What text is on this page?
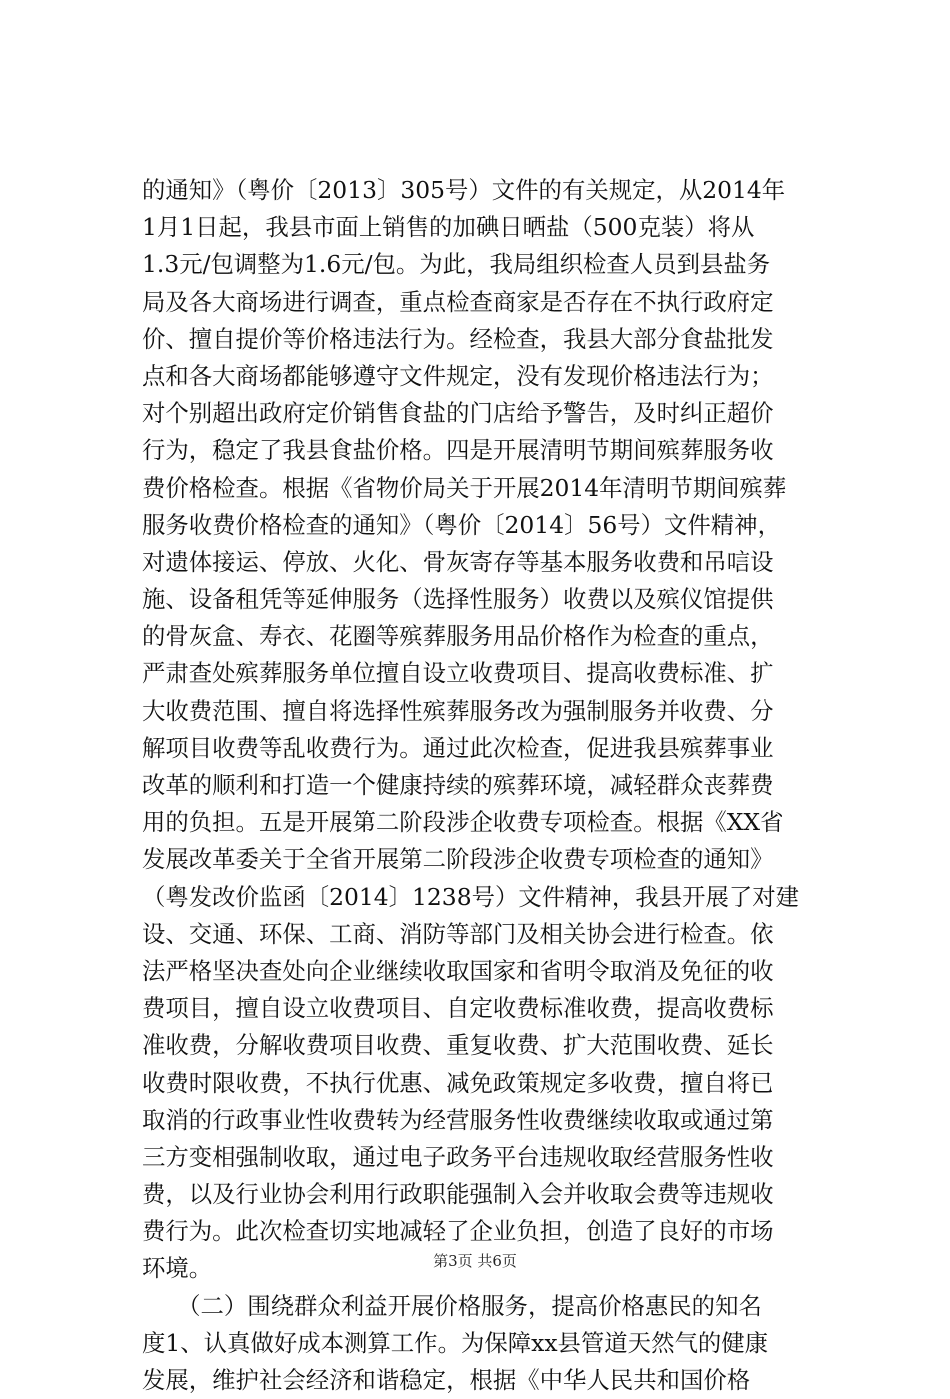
的通知》（粤价〔2013〕305号）文件的有关规定，从2014年
1月1日起，我县市面上销售的加碘日晒盐（500克装）将从
1.3元/包调整为1.6元/包。为此，我局组织检查人员到县盐务
局及各大商场进行调查，重点检查商家是否存在不执行政府定
价、擅自提价等价格违法行为。经检查，我县大部分食盐批发
点和各大商场都能够遵守文件规定，没有发现价格违法行为；
对个别超出政府定价销售食盐的门店给予警告，及时纠正超价
行为，稳定了我县食盐价格。四是开展清明节期间殡葬服务收
费价格检查。根据《省物价局关于开展2014年清明节期间殡葬
服务收费价格检查的通知》（粤价〔2014〕56号）文件精神，
对遗体接运、停放、火化、骨灰寄存等基本服务收费和吊唁设
施、设备租凭等延伸服务（选择性服务）收费以及殡仪馆提供
的骨灰盒、寿衣、花圈等殡葬服务用品价格作为检查的重点，
严肃查处殡葬服务单位擅自设立收费项目、提高收费标准、扩
大收费范围、擅自将选择性殡葬服务改为强制服务并收费、分
解项目收费等乱收费行为。通过此次检查，促进我县殡葬事业
改革的顺利和打造一个健康持续的殡葬环境，减轻群众丧葬费
用的负担。五是开展第二阶段涉企收费专项检查。根据《XX省
发展改革委关于全省开展第二阶段涉企收费专项检查的通知》
（粤发改价监函〔2014〕1238号）文件精神，我县开展了对建
设、交通、环保、工商、消防等部门及相关协会进行检查。依
法严格坚决查处向企业继续收取国家和省明令取消及免征的收
费项目，擅自设立收费项目、自定收费标准收费，提高收费标
准收费，分解收费项目收费、重复收费、扩大范围收费、延长
收费时限收费，不执行优惠、减免政策规定多收费，擅自将已
取消的行政事业性收费转为经营服务性收费继续收取或通过第
三方变相强制收取，通过电子政务平台违规收取经营服务性收
费，以及行业协会利用行政职能强制入会并收取会费等违规收
费行为。此次检查切实地减轻了企业负担，创造了良好的市场
环境。
　　（二）围绕群众利益开展价格服务，提高价格惠民的知名
度1、认真做好成本测算工作。为保障xx县管道天然气的健康
发展，维护社会经济和谐稳定，根据《中华人民共和国价格
第3页 共6页
